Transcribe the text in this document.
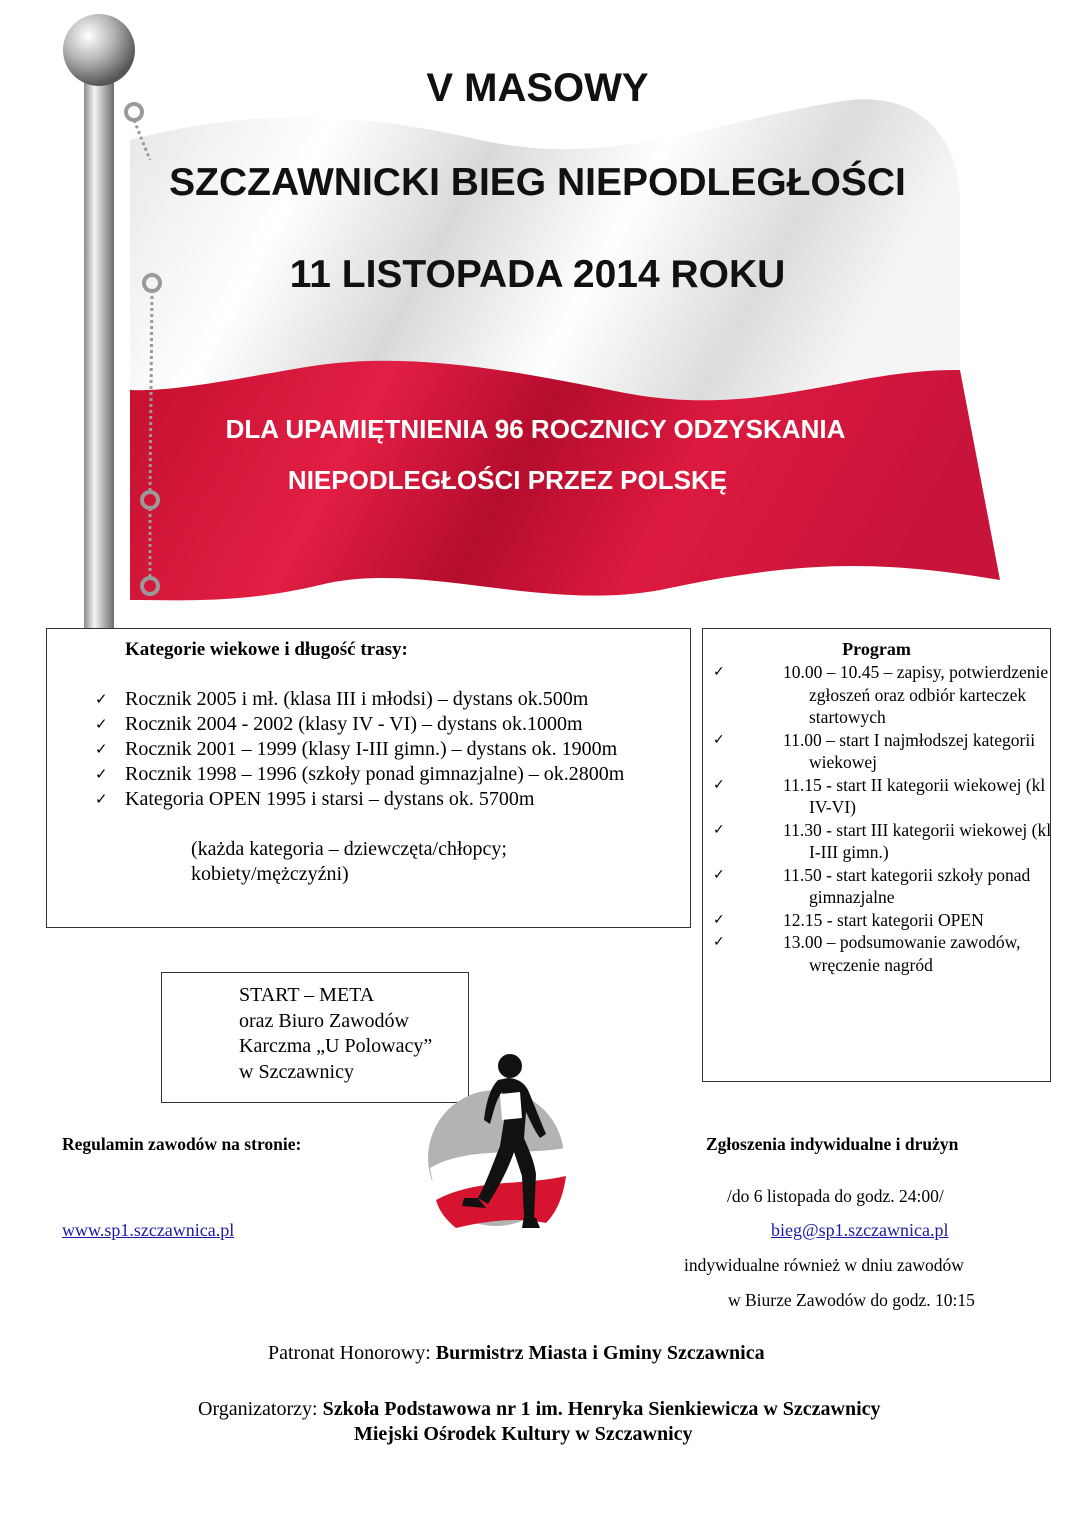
V MASOWY
SZCZAWNICKI BIEG NIEPODLEGŁOŚCI
11 LISTOPADA 2014 ROKU
DLA UPAMIĘTNIENIA 96 ROCZNICY ODZYSKANIA
NIEPODLEGŁOŚCI PRZEZ POLSKĘ
Kategorie wiekowe i długość trasy:
✓ Rocznik 2005 i mł. (klasa III i młodsi) – dystans ok.500m
✓ Rocznik 2004 - 2002 (klasy IV - VI) – dystans ok.1000m
✓ Rocznik 2001 – 1999 (klasy I-III gimn.) – dystans ok. 1900m
✓ Rocznik 1998 – 1996 (szkoły ponad gimnazjalne) – ok.2800m
✓ Kategoria OPEN 1995 i starsi – dystans ok. 5700m
(każda kategoria – dziewczęta/chłopcy;
kobiety/mężczyźni)
Program
✓	10.00 – 10.45 – zapisy, potwierdzenie zgłoszeń oraz odbiór karteczek startowych
✓	11.00 – start I najmłodszej kategorii wiekowej
✓	11.15 - start II kategorii wiekowej (kl IV-VI)
✓	11.30 - start III kategorii wiekowej (kl I-III gimn.)
✓	11.50 - start kategorii szkoły ponad gimnazjalne
✓	12.15 - start kategorii OPEN
✓	13.00 – podsumowanie zawodów, wręczenie nagród
START – META
oraz Biuro Zawodów
Karczma „U Polowacy”
w Szczawnicy
Regulamin zawodów na stronie:
www.sp1.szczawnica.pl
Zgłoszenia indywidualne i drużyn
/do 6 listopada do godz. 24:00/
bieg@sp1.szczawnica.pl
indywidualne również w dniu zawodów
w Biurze Zawodów do godz. 10:15
Patronat Honorowy: Burmistrz Miasta i Gminy Szczawnica
Organizatorzy: Szkoła Podstawowa nr 1 im. Henryka Sienkiewicza w Szczawnicy
Miejski Ośrodek Kultury w Szczawnicy
